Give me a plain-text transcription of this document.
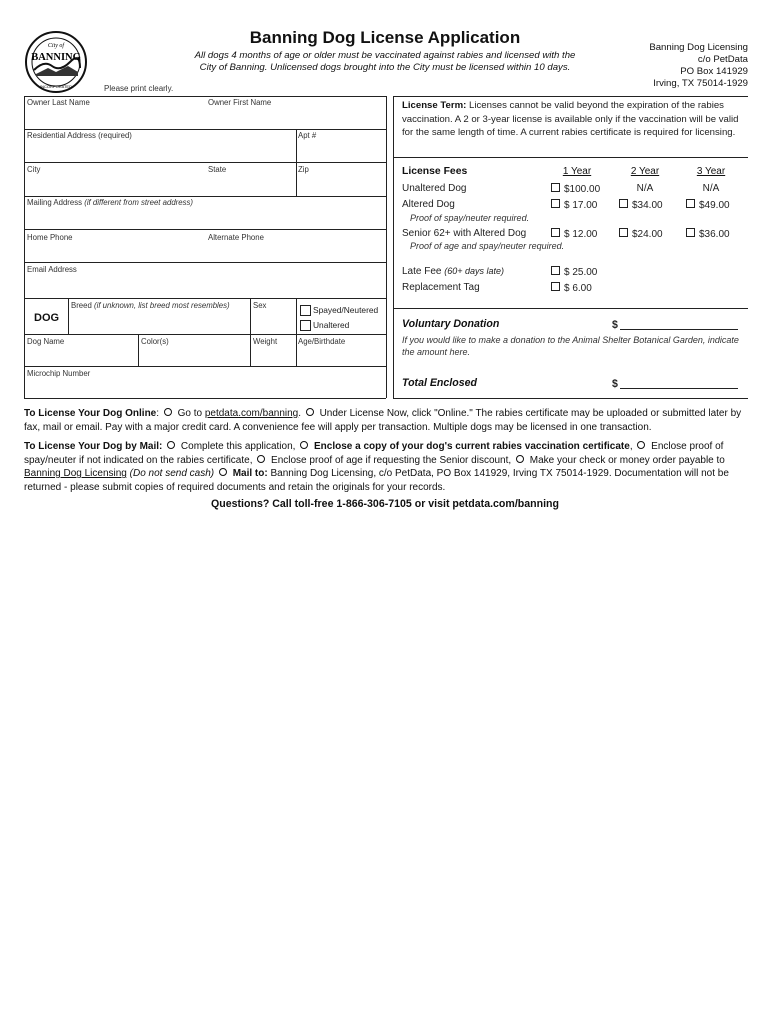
City of
BANNING
INCORPORATED
Banning Dog License Application
All dogs 4 months of age or older must be vaccinated against rabies and licensed with the
City of Banning. Unlicensed dogs brought into the City must be licensed within 10 days.
Banning Dog Licensing
c/o PetData
PO Box 141929
Irving, TX 75014-1929
Please print clearly.
Owner Last Name	Owner First Name
Residential Address (required)	Apt #
City	State	Zip
Mailing Address (if different from street address)
Home Phone	Alternate Phone
Email Address
DOG
Breed (if unknown, list breed most resembles)	Sex	Spayed/Neutered
Unaltered
Dog Name	Color(s)	Weight	Age/Birthdate
Microchip Number
License Term: Licenses cannot be valid beyond the expiration of the rabies vaccination. A 2 or 3-year license is available only if the vaccination will be valid for the same length of time. A current rabies certificate is required for licensing.
License Fees	1 Year	2 Year	3 Year
Unaltered Dog	$100.00	N/A	N/A
Altered Dog	$ 17.00	$34.00	$49.00
Proof of spay/neuter required.
Senior 62+ with Altered Dog	$ 12.00	$24.00	$36.00
Proof of age and spay/neuter required.
Late Fee (60+ days late)	$ 25.00
Replacement Tag	$ 6.00
Voluntary Donation	$
If you would like to make a donation to the Animal Shelter Botanical Garden, indicate the amount here.
Total Enclosed	$
To License Your Dog Online:  Go to petdata.com/banning.  Under License Now, click "Online." The rabies certificate may be uploaded or submitted later by fax, mail or email. Pay with a major credit card. A convenience fee will apply per transaction. Multiple dogs may be licensed in one transaction.
To License Your Dog by Mail:  Complete this application,  Enclose a copy of your dog's current rabies vaccination certificate,  Enclose proof of spay/neuter if not indicated on the rabies certificate,  Enclose proof of age if requesting the Senior discount,  Make your check or money order payable to Banning Dog Licensing (Do not send cash)  Mail to: Banning Dog Licensing, c/o PetData, PO Box 141929, Irving TX 75014-1929. Documentation will not be returned - please submit copies of required documents and retain the originals for your records.
Questions? Call toll-free 1-866-306-7105 or visit petdata.com/banning
